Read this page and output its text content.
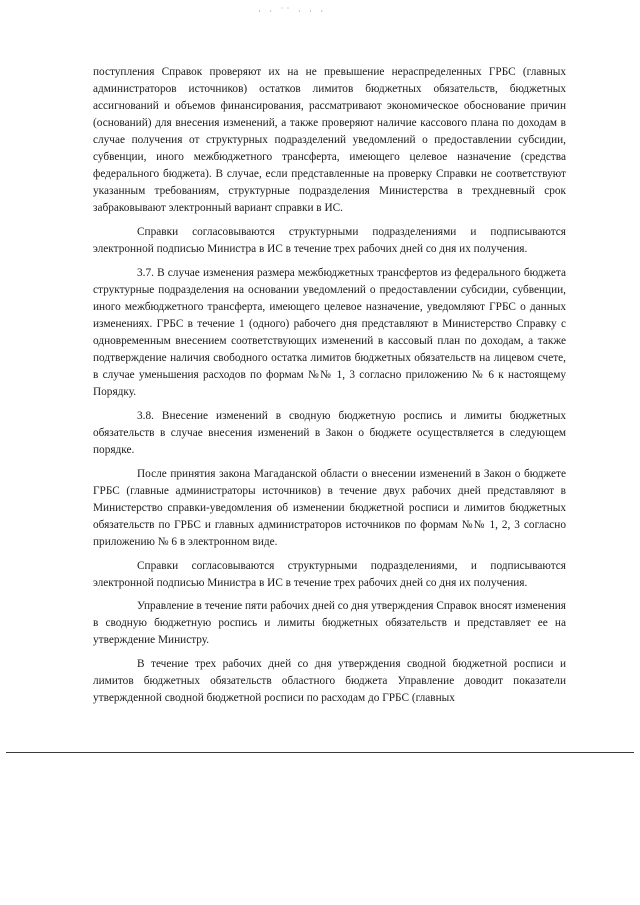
· · ˙˙ · · ·

поступления Справок проверяют их на не превышение нераспределенных ГРБС (главных администраторов источников) остатков лимитов бюджетных обязательств, бюджетных ассигнований и объемов финансирования, рассматривают экономическое обоснование причин (оснований) для внесения изменений, а также проверяют наличие кассового плана по доходам в случае получения от структурных подразделений уведомлений о предоставлении субсидии, субвенции, иного межбюджетного трансферта, имеющего целевое назначение (средства федерального бюджета). В случае, если представленные на проверку Справки не соответствуют указанным требованиям, структурные подразделения Министерства в трехдневный срок забраковывают электронный вариант справки в ИС.

Справки согласовываются структурными подразделениями и подписываются электронной подписью Министра в ИС в течение трех рабочих дней со дня их получения.

3.7. В случае изменения размера межбюджетных трансфертов из федерального бюджета структурные подразделения на основании уведомлений о предоставлении субсидии, субвенции, иного межбюджетного трансферта, имеющего целевое назначение, уведомляют ГРБС о данных изменениях. ГРБС в течение 1 (одного) рабочего дня представляют в Министерство Справку с одновременным внесением соответствующих изменений в кассовый план по доходам, а также подтверждение наличия свободного остатка лимитов бюджетных обязательств на лицевом счете, в случае уменьшения расходов по формам №№ 1, 3 согласно приложению № 6 к настоящему Порядку.

3.8. Внесение изменений в сводную бюджетную роспись и лимиты бюджетных обязательств в случае внесения изменений в Закон о бюджете осуществляется в следующем порядке.

После принятия закона Магаданской области о внесении изменений в Закон о бюджете ГРБС (главные администраторы источников) в течение двух рабочих дней представляют в Министерство справки-уведомления об изменении бюджетной росписи и лимитов бюджетных обязательств по ГРБС и главных администраторов источников по формам №№ 1, 2, 3 согласно приложению № 6 в электронном виде.

Справки согласовываются структурными подразделениями, и подписываются электронной подписью Министра в ИС в течение трех рабочих дней со дня их получения.

Управление в течение пяти рабочих дней со дня утверждения Справок вносят изменения в сводную бюджетную роспись и лимиты бюджетных обязательств и представляет ее на утверждение Министру.

В течение трех рабочих дней со дня утверждения сводной бюджетной росписи и лимитов бюджетных обязательств областного бюджета Управление доводит показатели утвержденной сводной бюджетной росписи по расходам до ГРБС (главных
